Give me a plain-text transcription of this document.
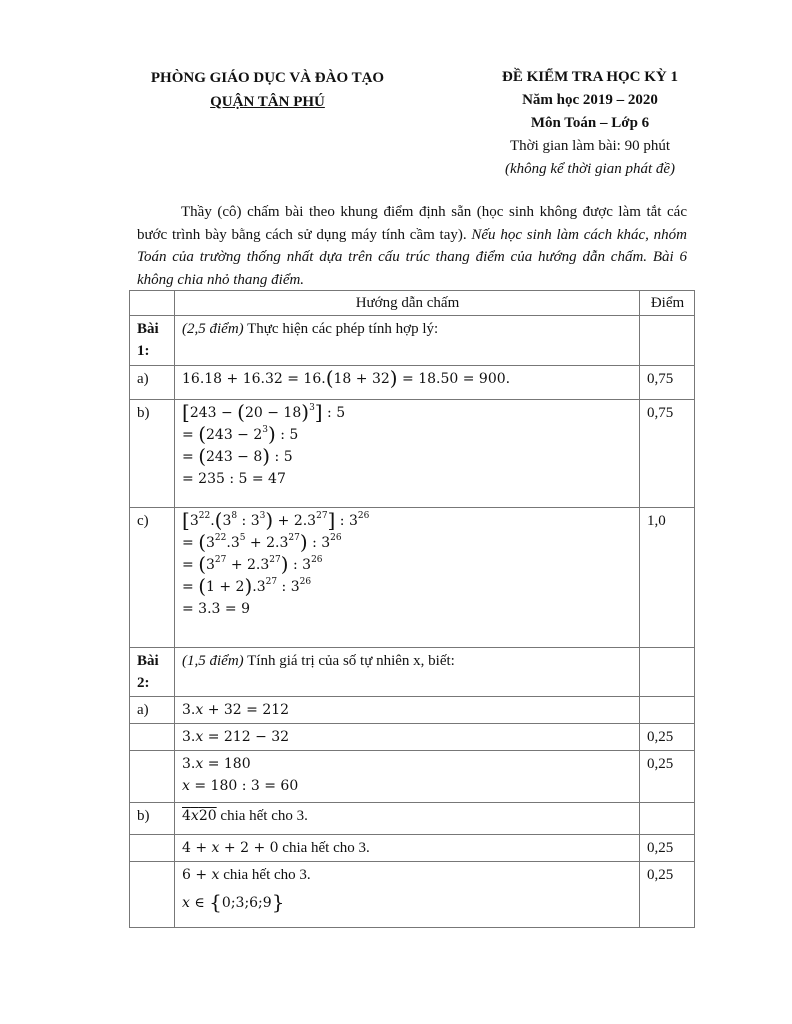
PHÒNG GIÁO DỤC VÀ ĐÀO TẠO
QUẬN TÂN PHÚ
ĐỀ KIỂM TRA HỌC KỲ 1
Năm học 2019 – 2020
Môn Toán – Lớp 6
Thời gian làm bài: 90 phút
(không kể thời gian phát đề)
Thầy (cô) chấm bài theo khung điểm định sẵn (học sinh không được làm tắt các bước trình bày bằng cách sử dụng máy tính cầm tay). Nếu học sinh làm cách khác, nhóm Toán của trường thống nhất dựa trên cấu trúc thang điểm của hướng dẫn chấm. Bài 6 không chia nhỏ thang điểm.
	Hướng dẫn chấm	Điểm
Bài 1:	(2,5 điểm) Thực hiện các phép tính hợp lý:	
a)	16.18 + 16.32 = 16.(18 + 32) = 18.50 = 900.	0,75
b)	$[243 - (20 - 18)^3]$ : 5
= $(243 - 2^3)$ : 5
= (243 − 8) : 5
= 235 : 5 = 47	0,75
c)	[$3^{22}.(3^8$ : $3^3) + 2.3^{27}$] : $3^{26}$
= $(3^{22}.3^5 + 2.3^{27})$ : $3^{26}$
= $(3^{27} + 2.3^{27})$ : $3^{26}$
= $(1 + 2).3^{27}$ : $3^{26}$
= 3.3 = 9	1,0
Bài 2:	(1,5 điểm) Tính giá trị của số tự nhiên x, biết:	
a)	3.x + 32 = 212	
	3.x = 212 − 32	0,25

	3.x = 180
x = 180 : 3 = 60	0,25
b)	4x20 chia hết cho 3.	
	4 + x + 2 + 0 chia hết cho 3.	0,25

	6 + x chia hết cho 3.
x ∈ {0;3;6;9}	0,25
